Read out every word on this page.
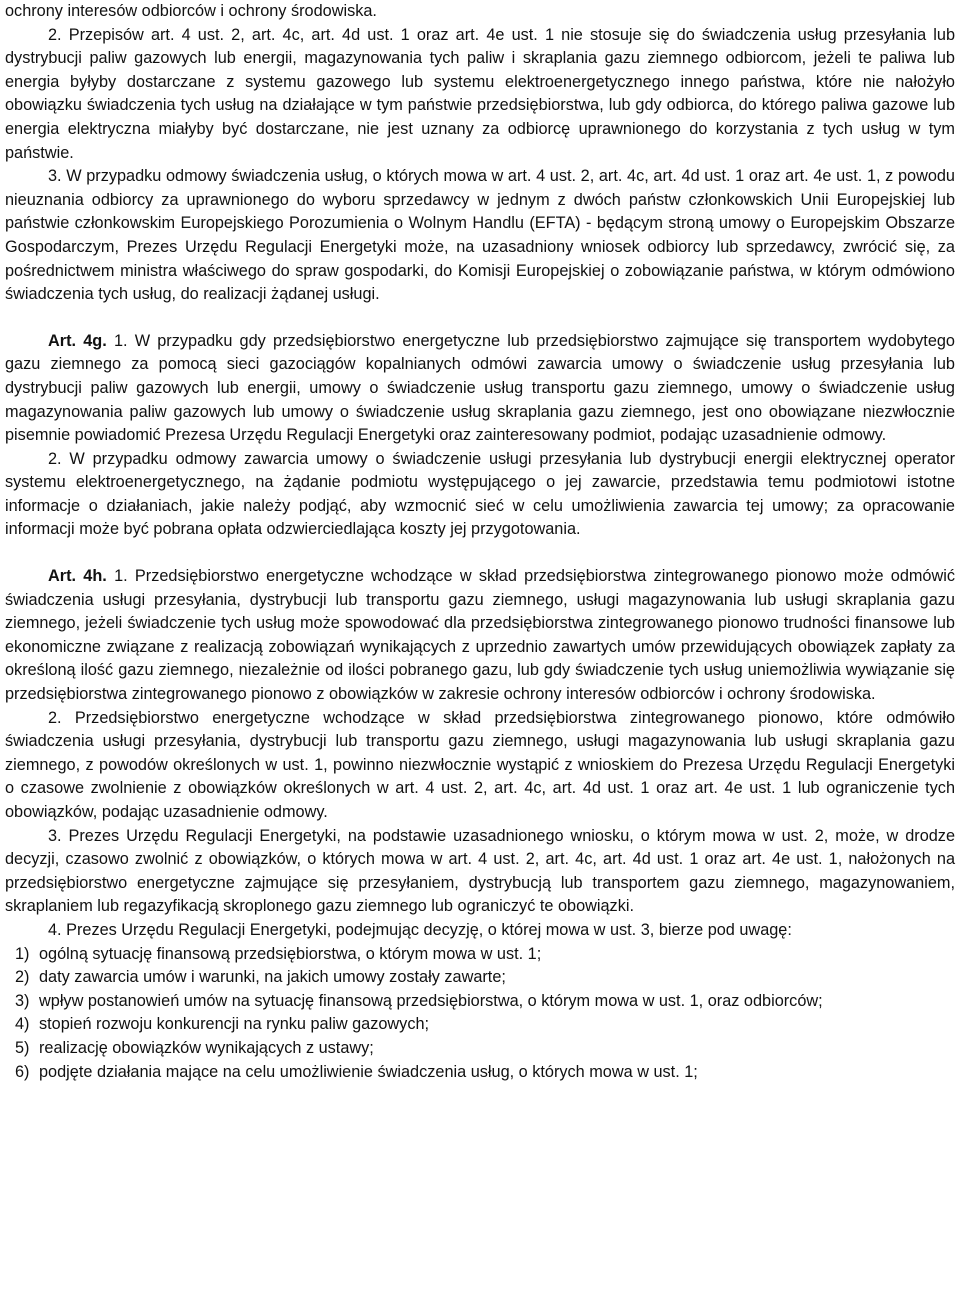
ochrony interesów odbiorców i ochrony środowiska.

2. Przepisów art. 4 ust. 2, art. 4c, art. 4d ust. 1 oraz art. 4e ust. 1 nie stosuje się do świadczenia usług przesyłania lub dystrybucji paliw gazowych lub energii, magazynowania tych paliw i skraplania gazu ziemnego odbiorcom, jeżeli te paliwa lub energia byłyby dostarczane z systemu gazowego lub systemu elektroenergetycznego innego państwa, które nie nałożyło obowiązku świadczenia tych usług na działające w tym państwie przedsiębiorstwa, lub gdy odbiorca, do którego paliwa gazowe lub energia elektryczna miałyby być dostarczane, nie jest uznany za odbiorcę uprawnionego do korzystania z tych usług w tym państwie.

3. W przypadku odmowy świadczenia usług, o których mowa w art. 4 ust. 2, art. 4c, art. 4d ust. 1 oraz art. 4e ust. 1, z powodu nieuznania odbiorcy za uprawnionego do wyboru sprzedawcy w jednym z dwóch państw członkowskich Unii Europejskiej lub państwie członkowskim Europejskiego Porozumienia o Wolnym Handlu (EFTA) - będącym stroną umowy o Europejskim Obszarze Gospodarczym, Prezes Urzędu Regulacji Energetyki może, na uzasadniony wniosek odbiorcy lub sprzedawcy, zwrócić się, za pośrednictwem ministra właściwego do spraw gospodarki, do Komisji Europejskiej o zobowiązanie państwa, w którym odmówiono świadczenia tych usług, do realizacji żądanej usługi.

Art. 4g. 1. W przypadku gdy przedsiębiorstwo energetyczne lub przedsiębiorstwo zajmujące się transportem wydobytego gazu ziemnego za pomocą sieci gazociągów kopalnianych odmówi zawarcia umowy o świadczenie usług przesyłania lub dystrybucji paliw gazowych lub energii, umowy o świadczenie usług transportu gazu ziemnego, umowy o świadczenie usług magazynowania paliw gazowych lub umowy o świadczenie usług skraplania gazu ziemnego, jest ono obowiązane niezwłocznie pisemnie powiadomić Prezesa Urzędu Regulacji Energetyki oraz zainteresowany podmiot, podając uzasadnienie odmowy.

2. W przypadku odmowy zawarcia umowy o świadczenie usługi przesyłania lub dystrybucji energii elektrycznej operator systemu elektroenergetycznego, na żądanie podmiotu występującego o jej zawarcie, przedstawia temu podmiotowi istotne informacje o działaniach, jakie należy podjąć, aby wzmocnić sieć w celu umożliwienia zawarcia tej umowy; za opracowanie informacji może być pobrana opłata odzwierciedlająca koszty jej przygotowania.

Art. 4h. 1. Przedsiębiorstwo energetyczne wchodzące w skład przedsiębiorstwa zintegrowanego pionowo może odmówić świadczenia usługi przesyłania, dystrybucji lub transportu gazu ziemnego, usługi magazynowania lub usługi skraplania gazu ziemnego, jeżeli świadczenie tych usług może spowodować dla przedsiębiorstwa zintegrowanego pionowo trudności finansowe lub ekonomiczne związane z realizacją zobowiązań wynikających z uprzednio zawartych umów przewidujących obowiązek zapłaty za określoną ilość gazu ziemnego, niezależnie od ilości pobranego gazu, lub gdy świadczenie tych usług uniemożliwia wywiązanie się przedsiębiorstwa zintegrowanego pionowo z obowiązków w zakresie ochrony interesów odbiorców i ochrony środowiska.

2. Przedsiębiorstwo energetyczne wchodzące w skład przedsiębiorstwa zintegrowanego pionowo, które odmówiło świadczenia usługi przesyłania, dystrybucji lub transportu gazu ziemnego, usługi magazynowania lub usługi skraplania gazu ziemnego, z powodów określonych w ust. 1, powinno niezwłocznie wystąpić z wnioskiem do Prezesa Urzędu Regulacji Energetyki o czasowe zwolnienie z obowiązków określonych w art. 4 ust. 2, art. 4c, art. 4d ust. 1 oraz art. 4e ust. 1 lub ograniczenie tych obowiązków, podając uzasadnienie odmowy.

3. Prezes Urzędu Regulacji Energetyki, na podstawie uzasadnionego wniosku, o którym mowa w ust. 2, może, w drodze decyzji, czasowo zwolnić z obowiązków, o których mowa w art. 4 ust. 2, art. 4c, art. 4d ust. 1 oraz art. 4e ust. 1, nałożonych na przedsiębiorstwo energetyczne zajmujące się przesyłaniem, dystrybucją lub transportem gazu ziemnego, magazynowaniem, skraplaniem lub regazyfikacją skroplonego gazu ziemnego lub ograniczyć te obowiązki.

4. Prezes Urzędu Regulacji Energetyki, podejmując decyzję, o której mowa w ust. 3, bierze pod uwagę:

1) ogólną sytuację finansową przedsiębiorstwa, o którym mowa w ust. 1;
2) daty zawarcia umów i warunki, na jakich umowy zostały zawarte;
3) wpływ postanowień umów na sytuację finansową przedsiębiorstwa, o którym mowa w ust. 1, oraz odbiorców;
4) stopień rozwoju konkurencji na rynku paliw gazowych;
5) realizację obowiązków wynikających z ustawy;
6) podjęte działania mające na celu umożliwienie świadczenia usług, o których mowa w ust. 1;
